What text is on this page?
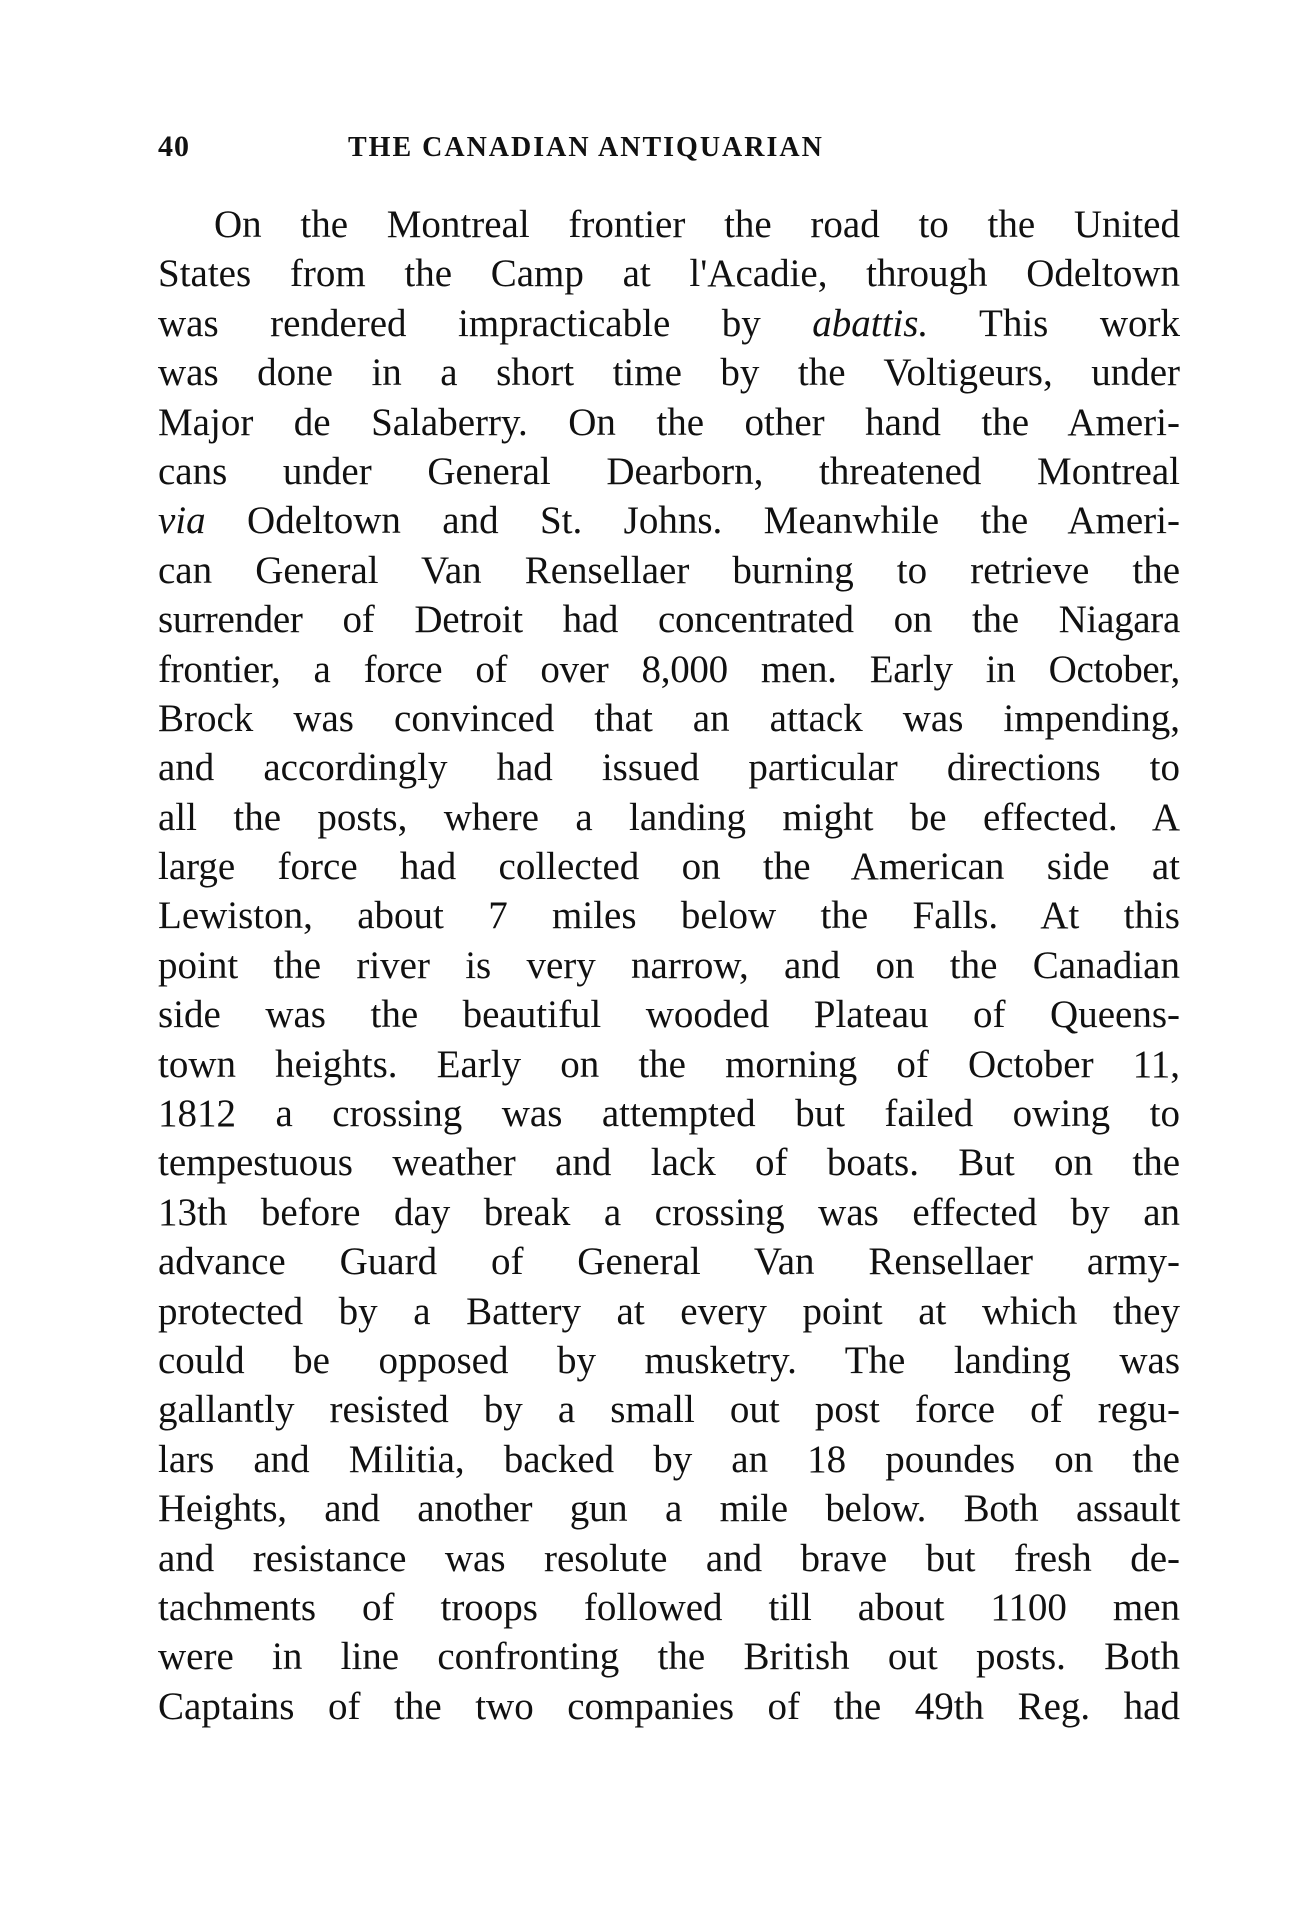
40	THE CANADIAN ANTIQUARIAN
On the Montreal frontier the road to the United
States from the Camp at l'Acadie, through Odeltown
was rendered impracticable by abattis. This work
was done in a short time by the Voltigeurs, under
Major de Salaberry. On the other hand the Ameri-
cans under General Dearborn, threatened Montreal
via Odeltown and St. Johns. Meanwhile the Ameri-
can General Van Rensellaer burning to retrieve the
surrender of Detroit had concentrated on the Niagara
frontier, a force of over 8,000 men. Early in October,
Brock was convinced that an attack was impending,
and accordingly had issued particular directions to
all the posts, where a landing might be effected. A
large force had collected on the American side at
Lewiston, about 7 miles below the Falls. At this
point the river is very narrow, and on the Canadian
side was the beautiful wooded Plateau of Queens-
town heights. Early on the morning of October 11,
1812 a crossing was attempted but failed owing to
tempestuous weather and lack of boats. But on the
13th before day break a crossing was effected by an
advance Guard of General Van Rensellaer army-
protected by a Battery at every point at which they
could be opposed by musketry. The landing was
gallantly resisted by a small out post force of regu-
lars and Militia, backed by an 18 poundes on the
Heights, and another gun a mile below. Both assault
and resistance was resolute and brave but fresh de-
tachments of troops followed till about 1100 men
were in line confronting the British out posts. Both
Captains of the two companies of the 49th Reg. had
